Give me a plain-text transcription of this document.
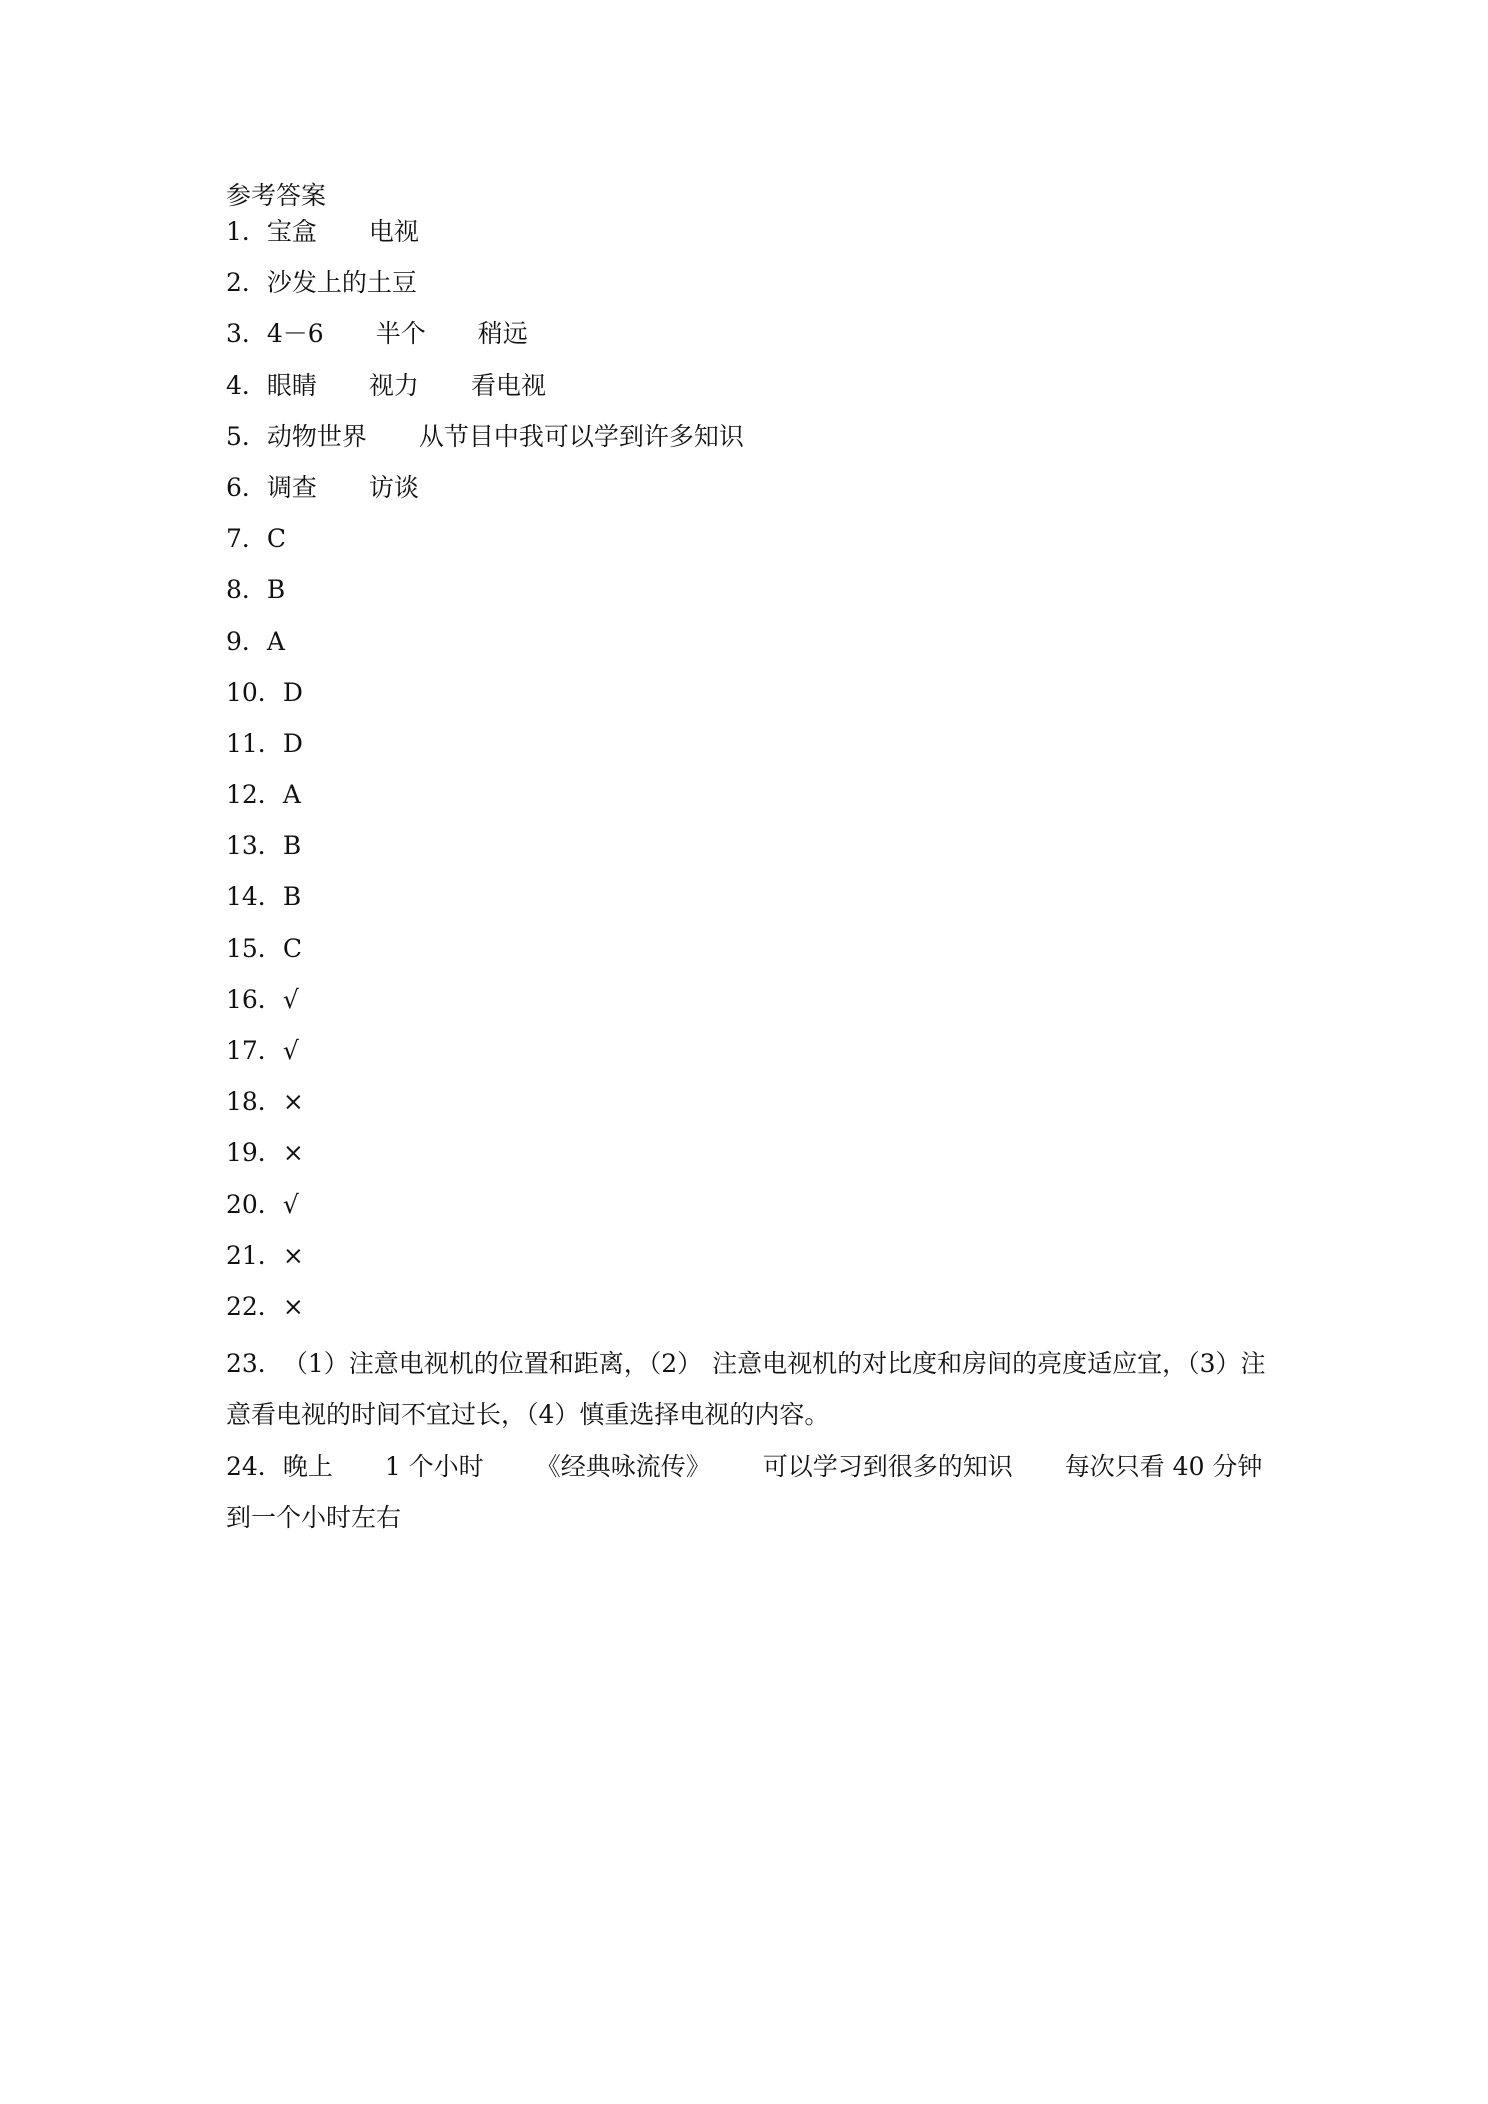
参考答案
1． 宝盒 电视
2． 沙发上的土豆
3． 4－6 半个 稍远
4． 眼睛 视力 看电视
5． 动物世界 从节目中我可以学到许多知识
6． 调查 访谈
7． C
8． B
9． A
10． D
11． D
12． A
13． B
14． B
15． C
16． √
17． √
18． ×
19． ×
20． √
21． ×
22． ×
23．（1）注意电视机的位置和距离，（2） 注意电视机的对比度和房间的亮度适应宜，（3）注意看电视的时间不宜过长，（4）慎重选择电视的内容。
24．晚上 1 个小时 《经典咏流传》 可以学习到很多的知识 每次只看 40 分钟到一个小时左右
